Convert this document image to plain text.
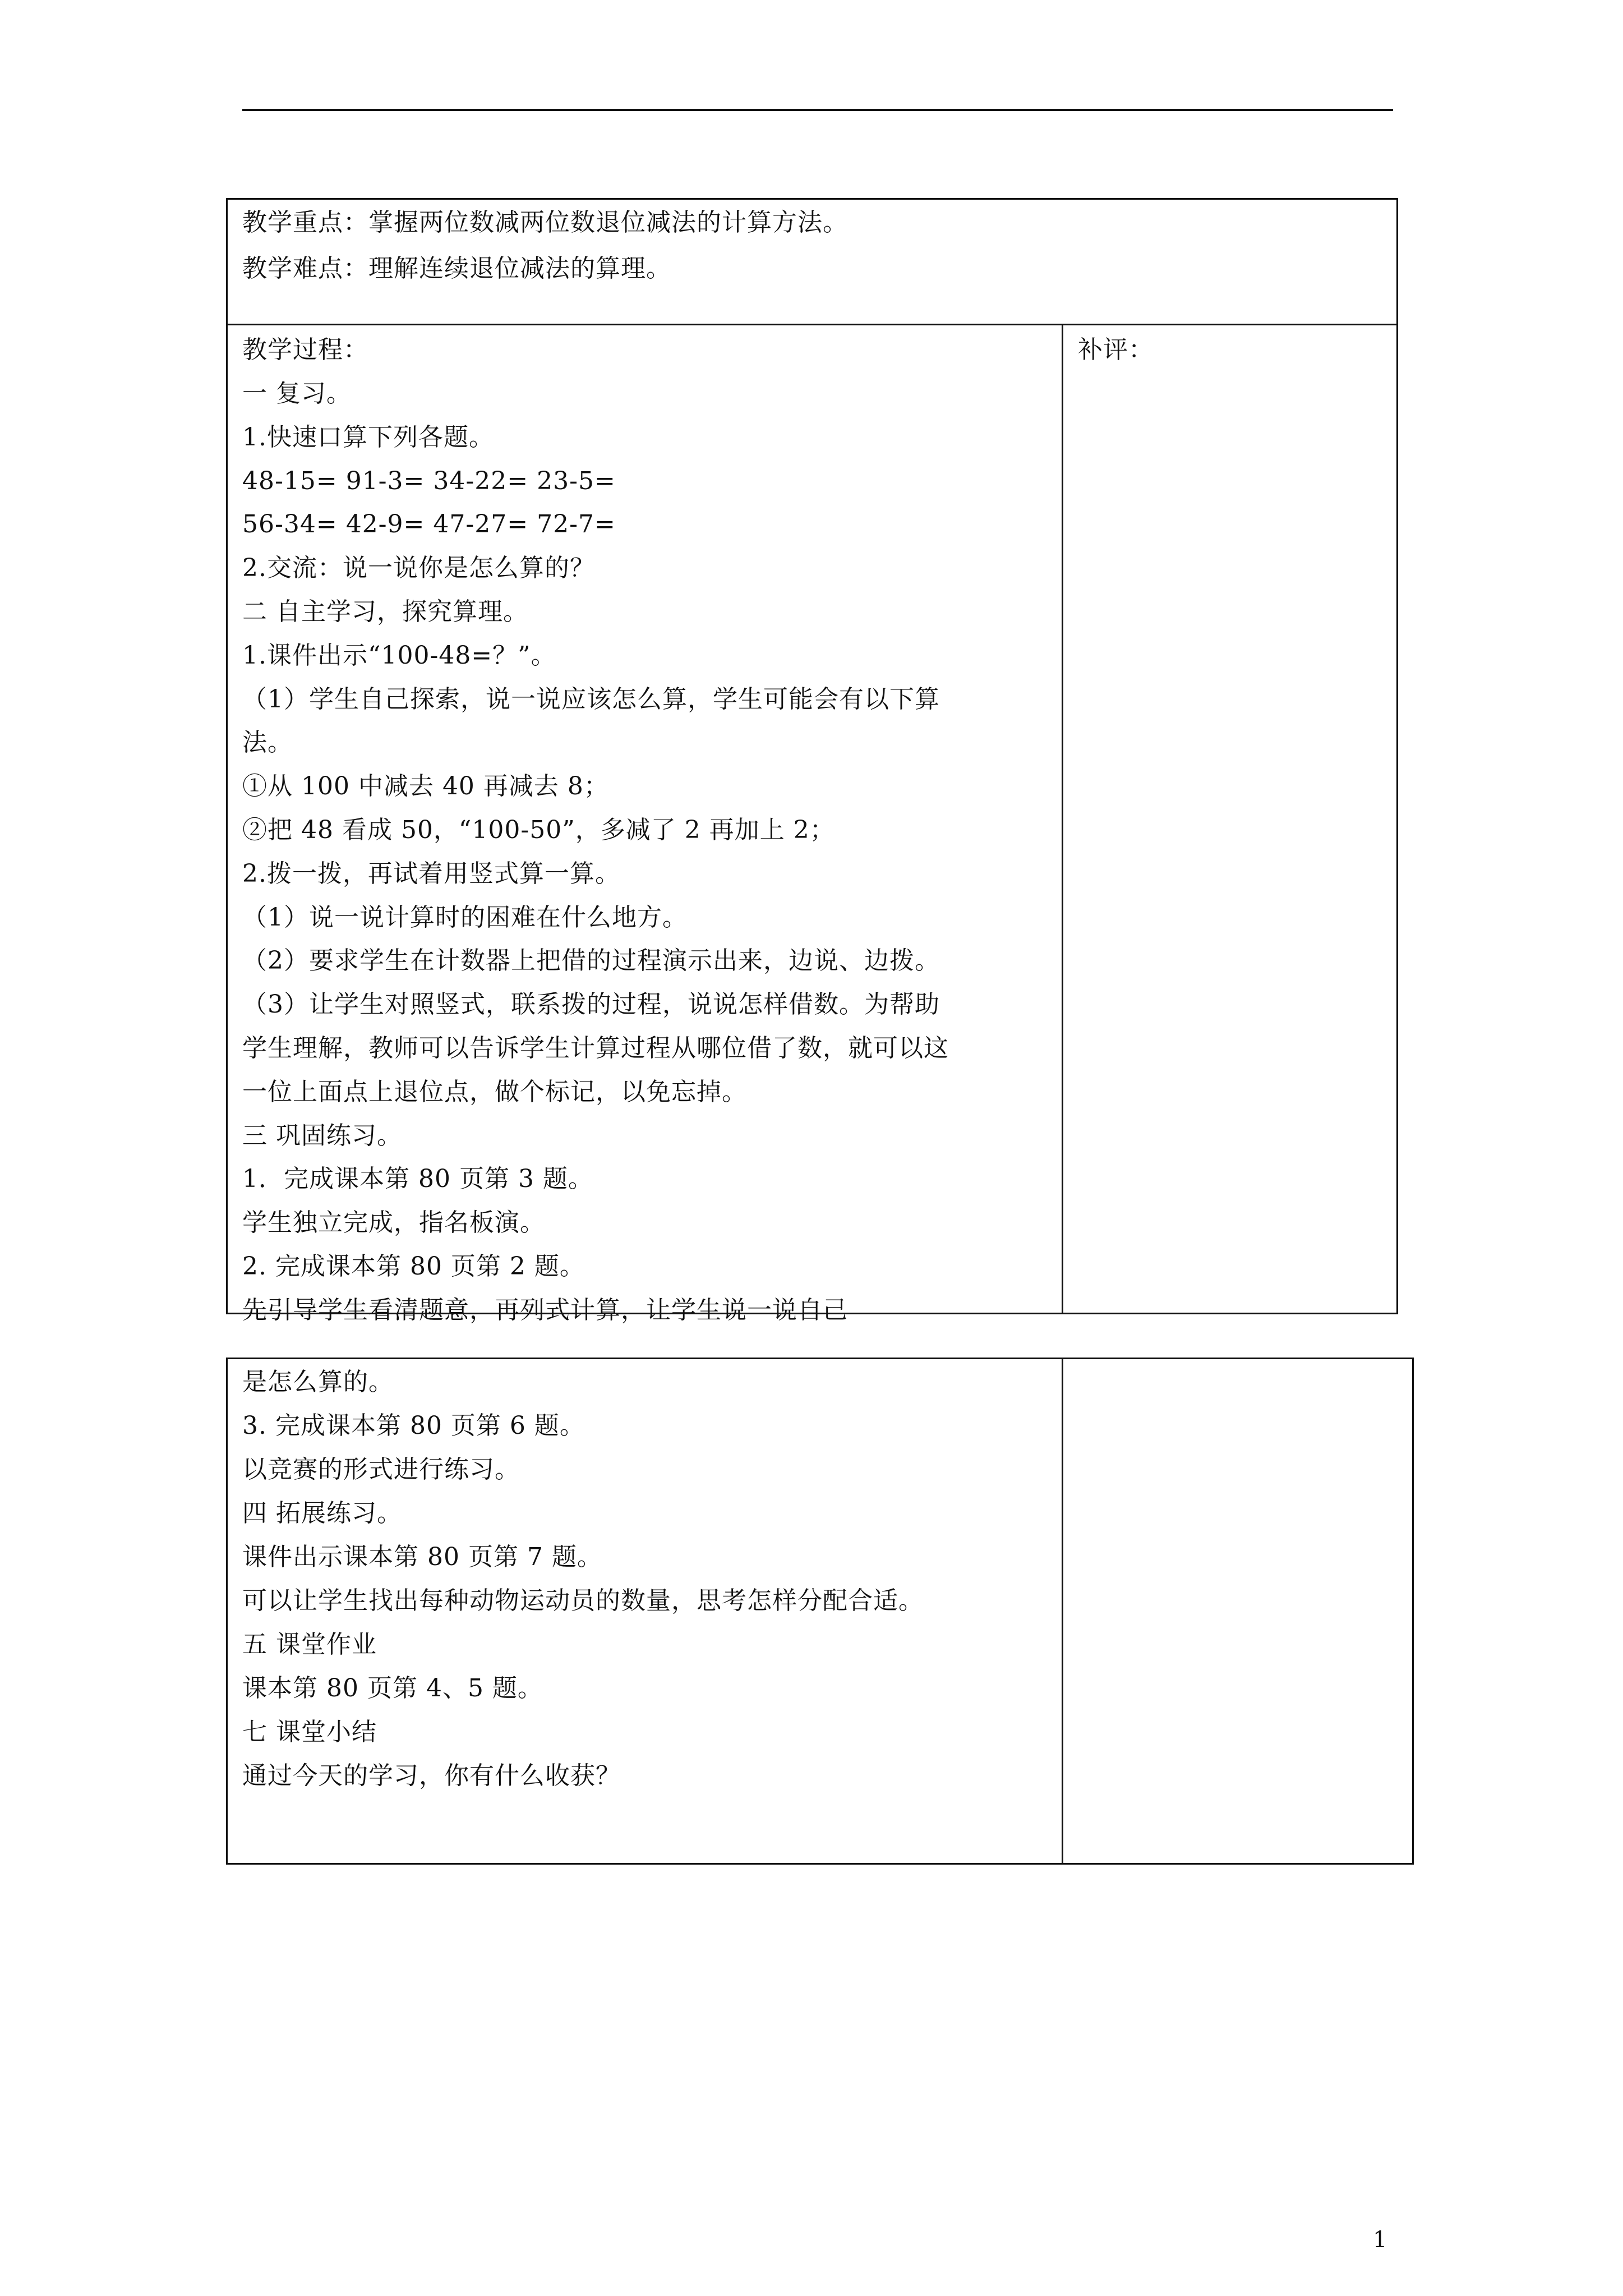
教学重点：掌握两位数减两位数退位减法的计算方法。
教学难点：理解连续退位减法的算理。
教学过程：	补评：
一 复习。
1.快速口算下列各题。
48-15= 91-3= 34-22= 23-5=
56-34= 42-9= 47-27= 72-7=
2.交流：说一说你是怎么算的？
二 自主学习，探究算理。
1.课件出示“100-48=？”。
（1）学生自己探索，说一说应该怎么算，学生可能会有以下算
法。
①从 100 中减去 40 再减去 8；
②把 48 看成 50，“100-50”，多减了 2 再加上 2；
2.拨一拨，再试着用竖式算一算。
（1）说一说计算时的困难在什么地方。
（2）要求学生在计数器上把借的过程演示出来，边说、边拨。
（3）让学生对照竖式，联系拨的过程，说说怎样借数。为帮助
学生理解，教师可以告诉学生计算过程从哪位借了数，就可以这
一位上面点上退位点，做个标记，以免忘掉。
三 巩固练习。
1．完成课本第 80 页第 3 题。
学生独立完成，指名板演。
2. 完成课本第 80 页第 2 题。
先引导学生看清题意，再列式计算，让学生说一说自己
是怎么算的。
3. 完成课本第 80 页第 6 题。
以竞赛的形式进行练习。
四 拓展练习。
课件出示课本第 80 页第 7 题。
可以让学生找出每种动物运动员的数量，思考怎样分配合适。
五 课堂作业
课本第 80 页第 4、5 题。
七 课堂小结
通过今天的学习，你有什么收获？
1
